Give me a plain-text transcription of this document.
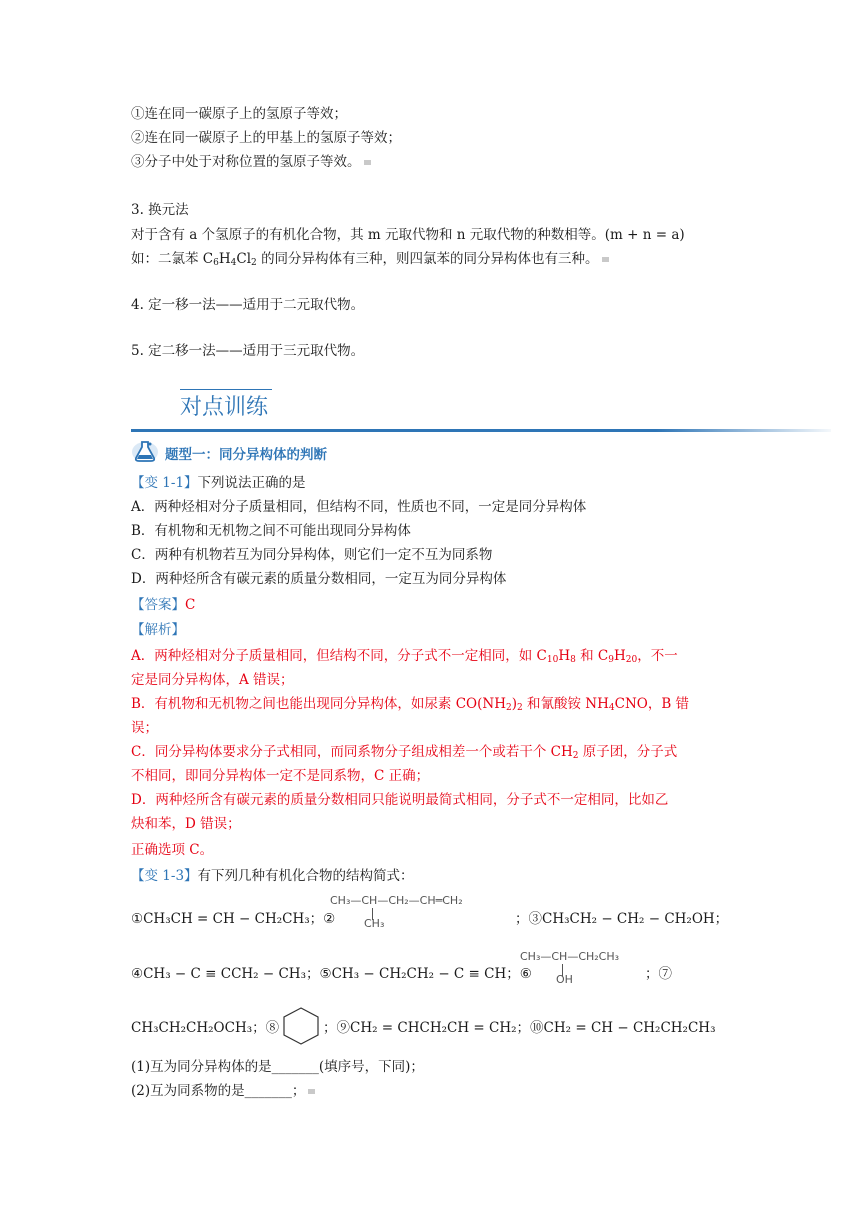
①连在同一碳原子上的氢原子等效；
②连在同一碳原子上的甲基上的氢原子等效；
③分子中处于对称位置的氢原子等效。
3. 换元法
对于含有 a 个氢原子的有机化合物，其 m 元取代物和 n 元取代物的种数相等。(m + n = a)
如：二氯苯 $C_6H_4Cl_2$ 的同分异构体有三种，则四氯苯的同分异构体也有三种。
4. 定一移一法——适用于二元取代物。
5. 定二移一法——适用于三元取代物。
对点训练
题型一：同分异构体的判断
【变 1-1】下列说法正确的是
A．两种烃相对分子质量相同，但结构不同，性质也不同，一定是同分异构体
B．有机物和无机物之间不可能出现同分异构体
C．两种有机物若互为同分异构体，则它们一定不互为同系物
D．两种烃所含有碳元素的质量分数相同，一定互为同分异构体
【答案】C
【解析】
A．两种烃相对分子质量相同，但结构不同，分子式不一定相同，如 $C_{10}H_8$ 和 $C_9H_{20}$，不一
定是同分异构体，A 错误；
B．有机物和无机物之间也能出现同分异构体，如尿素 $CO(NH_2)_2$ 和氰酸铵 $NH_4CNO$，B 错
误；
C．同分异构体要求分子式相同，而同系物分子组成相差一个或若干个 $CH_2$ 原子团，分子式
不相同，即同分异构体一定不是同系物，C 正确；
D．两种烃所含有碳元素的质量分数相同只能说明最简式相同，分子式不一定相同，比如乙
炔和苯，D 错误；
正确选项 C。
【变 1-3】有下列几种有机化合物的结构简式：
①CH₃CH = CH − CH₂CH₃；②
CH₃—CH—CH₂—CH═CH₂
CH₃	；③CH₃CH₂ − CH₂ − CH₂OH；
④CH₃ − C ≡ CCH₂ − CH₃；⑤CH₃ − CH₂CH₂ − C ≡ CH；⑥
CH₃—CH—CH₂CH₃
OH	；⑦
CH₃CH₂CH₂OCH₃；⑧	；⑨CH₂ = CHCH₂CH = CH₂；⑩CH₂ = CH − CH₂CH₂CH₃
(1)互为同分异构体的是_______(填序号，下同)；
(2)互为同系物的是_______；
